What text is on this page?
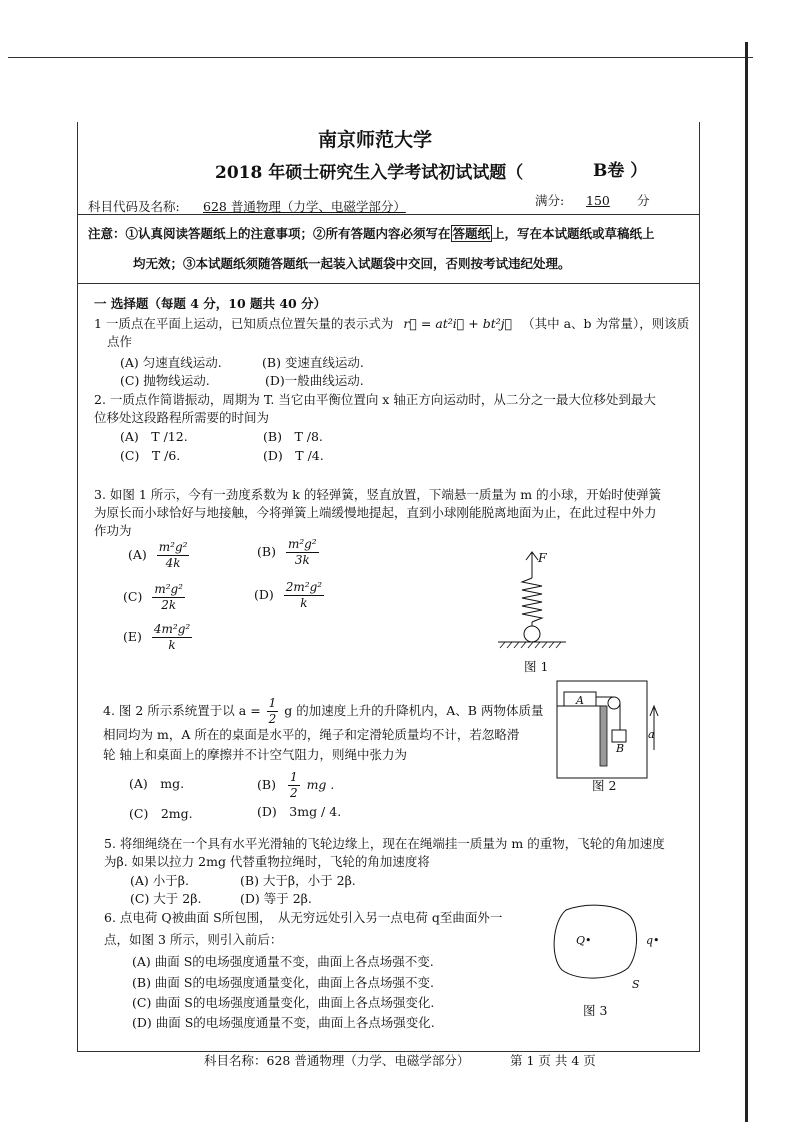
南京师范大学
2018 年硕士研究生入学考试初试试题（	B卷 ）
科目代码及名称: 628 普通物理（力学、电磁学部分）	满分: 150 分
注意：①认真阅读答题纸上的注意事项；②所有答题内容必须写在 答题纸 上，写在本试题纸或草稿纸上
均无效；③本试题纸须随答题纸一起装入试题袋中交回，否则按考试违纪处理。
一 选择题（每题 4 分，10 题共 40 分）
1 一质点在平面上运动，已知质点位置矢量的表示式为 r⃗ = at²i⃗ + bt²j⃗ （其中 a、b 为常量），则该质
点作
(A) 匀速直线运动.	(B) 变速直线运动.
(C) 抛物线运动.	(D)一般曲线运动.
2. 一质点作简谐振动，周期为 T. 当它由平衡位置向 x 轴正方向运动时，从二分之一最大位移处到最大
位移处这段路程所需要的时间为
(A)　T /12.	(B)　T /8.
(C)　T /6.	(D)　T /4.
3. 如图 1 所示，今有一劲度系数为 k 的轻弹簧，竖直放置，下端悬一质量为 m 的小球，开始时使弹簧
为原长而小球恰好与地接触，今将弹簧上端缓慢地提起，直到小球刚能脱离地面为止，在此过程中外力
作功为
$(A) \frac{\text{m²g²}}{4k}$	$(B) \frac{\text{m²g²}}{3k}$
$(C) \frac{\text{m²g²}}{2k}$	$(D) \frac{\text{2m²g²}}{k}$
$(E) \frac{\text{4m²g²}}{k}$
F
图 1
4. 图 2 所示系统置于以 $a = \frac{1}{2}$ g 的加速度上升的升降机内，A、B 两物体质量
相同均为 m，A 所在的桌面是水平的，绳子和定滑轮质量均不计，若忽略滑
轮 轴上和桌面上的摩擦并不计空气阻力，则绳中张力为
(A)　mg.	$(B) \frac{1}{2}$ mg .
(C)　2mg.	(D)　3mg / 4.
A
B
a
图 2
5. 将细绳绕在一个具有水平光滑轴的飞轮边缘上，现在在绳端挂一质量为 m 的重物，飞轮的角加速度
为β. 如果以拉力 2mg 代替重物拉绳时，飞轮的角加速度将
(A) 小于β.	(B) 大于β，小于 2β.
(C) 大于 2β.	(D) 等于 2β.
6. 点电荷 Q被曲面 S所包围，　从无穷远处引入另一点电荷 q至曲面外一
点，如图 3 所示，则引入前后：
(A) 曲面 S的电场强度通量不变，曲面上各点场强不变.
(B) 曲面 S的电场强度通量变化，曲面上各点场强不变.
(C) 曲面 S的电场强度通量变化，曲面上各点场强变化.
(D) 曲面 S的电场强度通量不变，曲面上各点场强变化.
Q•	q•
S
图 3
科目名称：628 普通物理（力学、电磁学部分）	第 1 页 共 4 页
